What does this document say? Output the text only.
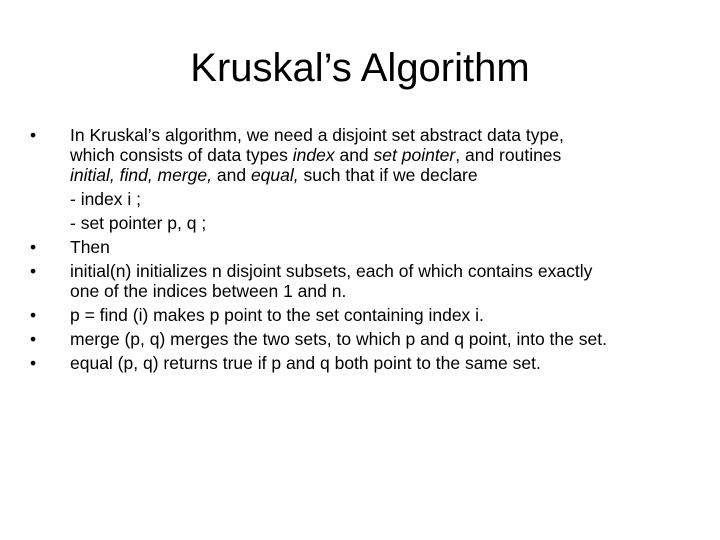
Kruskal’s Algorithm
• In Kruskal’s algorithm, we need a disjoint set abstract data type,
which consists of data types index and set pointer, and routines
initial, find, merge, and equal, such that if we declare
- index i ;
- set pointer p, q ;
• Then
• initial(n) initializes n disjoint subsets, each of which contains exactly
one of the indices between 1 and n.
• p = find (i) makes p point to the set containing index i.
• merge (p, q) merges the two sets, to which p and q point, into the set.
• equal (p, q) returns true if p and q both point to the same set.
